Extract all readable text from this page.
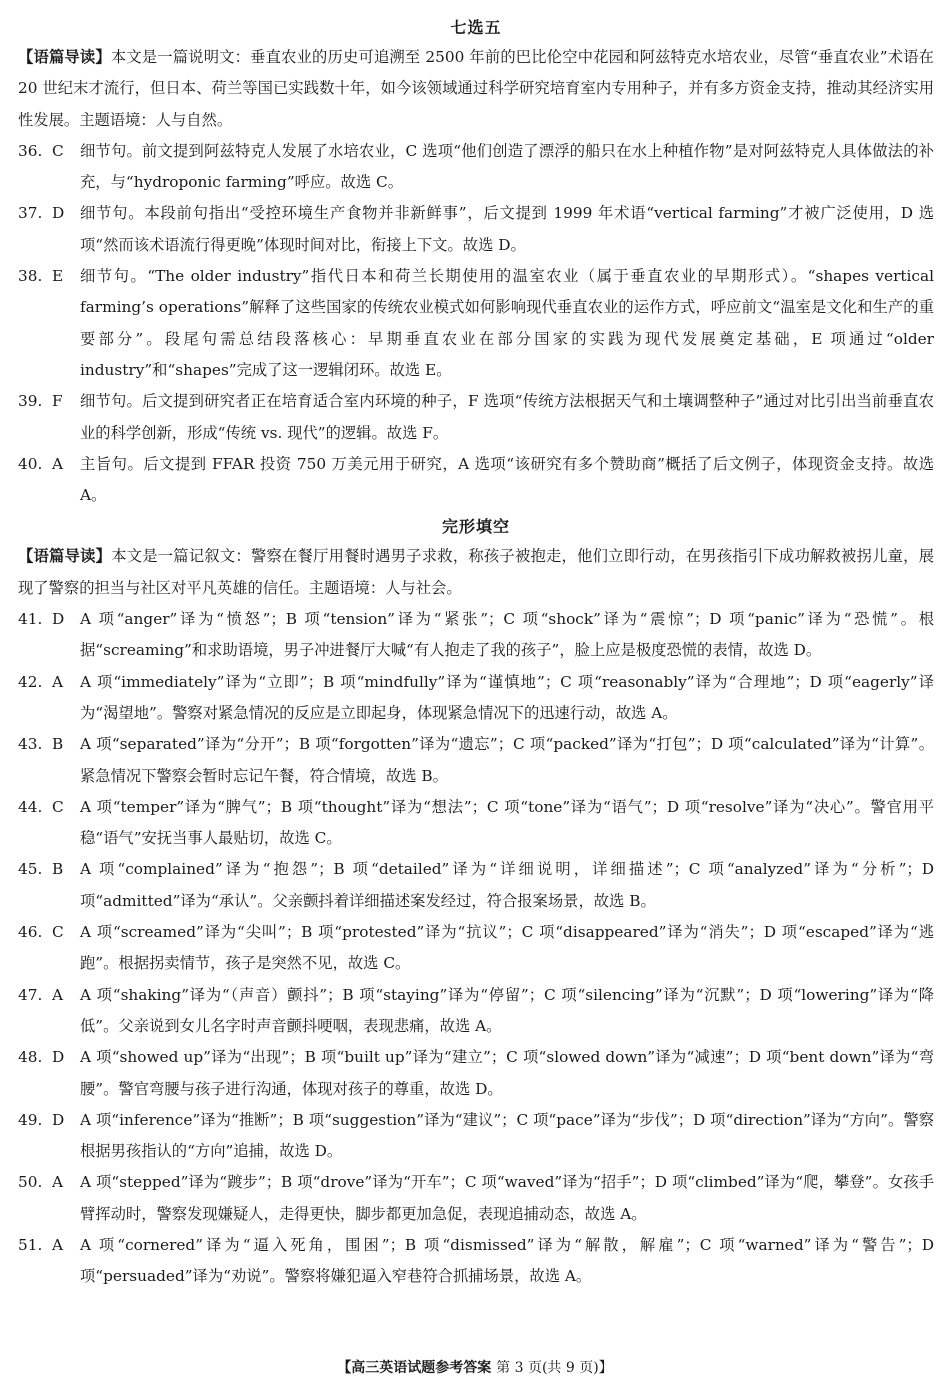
七选五

【语篇导读】本文是一篇说明文：垂直农业的历史可追溯至 2500 年前的巴比伦空中花园和阿兹特克水培农业，尽管“垂直农业”术语在 20 世纪末才流行，但日本、荷兰等国已实践数十年，如今该领域通过科学研究培育室内专用种子，并有多方资金支持，推动其经济实用性发展。主题语境：人与自然。

36. C	细节句。前文提到阿兹特克人发展了水培农业，C 选项“他们创造了漂浮的船只在水上种植作物”是对阿兹特克人具体做法的补充，与“hydroponic farming”呼应。故选 C。
37. D	细节句。本段前句指出“受控环境生产食物并非新鲜事”，后文提到 1999 年术语“vertical farming”才被广泛使用，D 选项“然而该术语流行得更晚”体现时间对比，衔接上下文。故选 D。
38. E	细节句。“The older industry”指代日本和荷兰长期使用的温室农业（属于垂直农业的早期形式）。“shapes vertical farming’s operations”解释了这些国家的传统农业模式如何影响现代垂直农业的运作方式，呼应前文“温室是文化和生产的重要部分”。段尾句需总结段落核心：早期垂直农业在部分国家的实践为现代发展奠定基础，E 项通过“older industry”和“shapes”完成了这一逻辑闭环。故选 E。
39. F	细节句。后文提到研究者正在培育适合室内环境的种子，F 选项“传统方法根据天气和土壤调整种子”通过对比引出当前垂直农业的科学创新，形成“传统 vs. 现代”的逻辑。故选 F。
40. A	主旨句。后文提到 FFAR 投资 750 万美元用于研究，A 选项“该研究有多个赞助商”概括了后文例子，体现资金支持。故选 A。
完形填空

【语篇导读】本文是一篇记叙文：警察在餐厅用餐时遇男子求救，称孩子被抱走，他们立即行动，在男孩指引下成功解救被拐儿童，展现了警察的担当与社区对平凡英雄的信任。主题语境：人与社会。

41. D	A 项“anger”译为“愤怒”；B 项“tension”译为“紧张”；C 项“shock”译为“震惊”；D 项“panic”译为“恐慌”。根据“screaming”和求助语境，男子冲进餐厅大喊“有人抱走了我的孩子”，脸上应是极度恐慌的表情，故选 D。
42. A	A 项“immediately”译为“立即”；B 项“mindfully”译为“谨慎地”；C 项“reasonably”译为“合理地”；D 项“eagerly”译为“渴望地”。警察对紧急情况的反应是立即起身，体现紧急情况下的迅速行动，故选 A。
43. B	A 项“separated”译为“分开”；B 项“forgotten”译为“遗忘”；C 项“packed”译为“打包”；D 项“calculated”译为“计算”。紧急情况下警察会暂时忘记午餐，符合情境，故选 B。
44. C	A 项“temper”译为“脾气”；B 项“thought”译为“想法”；C 项“tone”译为“语气”；D 项“resolve”译为“决心”。警官用平稳“语气”安抚当事人最贴切，故选 C。
45. B	A 项“complained”译为“抱怨”；B 项“detailed”译为“详细说明，详细描述”；C 项“analyzed”译为“分析”；D 项“admitted”译为“承认”。父亲颤抖着详细描述案发经过，符合报案场景，故选 B。
46. C	A 项“screamed”译为“尖叫”；B 项“protested”译为“抗议”；C 项“disappeared”译为“消失”；D 项“escaped”译为“逃跑”。根据拐卖情节，孩子是突然不见，故选 C。
47. A	A 项“shaking”译为“（声音）颤抖”；B 项“staying”译为“停留”；C 项“silencing”译为“沉默”；D 项“lowering”译为“降低”。父亲说到女儿名字时声音颤抖哽咽，表现悲痛，故选 A。
48. D	A 项“showed up”译为“出现”；B 项“built up”译为“建立”；C 项“slowed down”译为“减速”；D 项“bent down”译为“弯腰”。警官弯腰与孩子进行沟通，体现对孩子的尊重，故选 D。
49. D	A 项“inference”译为“推断”；B 项“suggestion”译为“建议”；C 项“pace”译为“步伐”；D 项“direction”译为“方向”。警察根据男孩指认的“方向”追捕，故选 D。
50. A	A 项“stepped”译为“踱步”；B 项“drove”译为“开车”；C 项“waved”译为“招手”；D 项“climbed”译为“爬，攀登”。女孩手臂挥动时，警察发现嫌疑人，走得更快，脚步都更加急促，表现追捕动态，故选 A。
51. A	A 项“cornered”译为“逼入死角，围困”；B 项“dismissed”译为“解散，解雇”；C 项“warned”译为“警告”；D 项“persuaded”译为“劝说”。警察将嫌犯逼入窄巷符合抓捕场景，故选 A。
【高三英语试题参考答案 第 3 页(共 9 页)】
